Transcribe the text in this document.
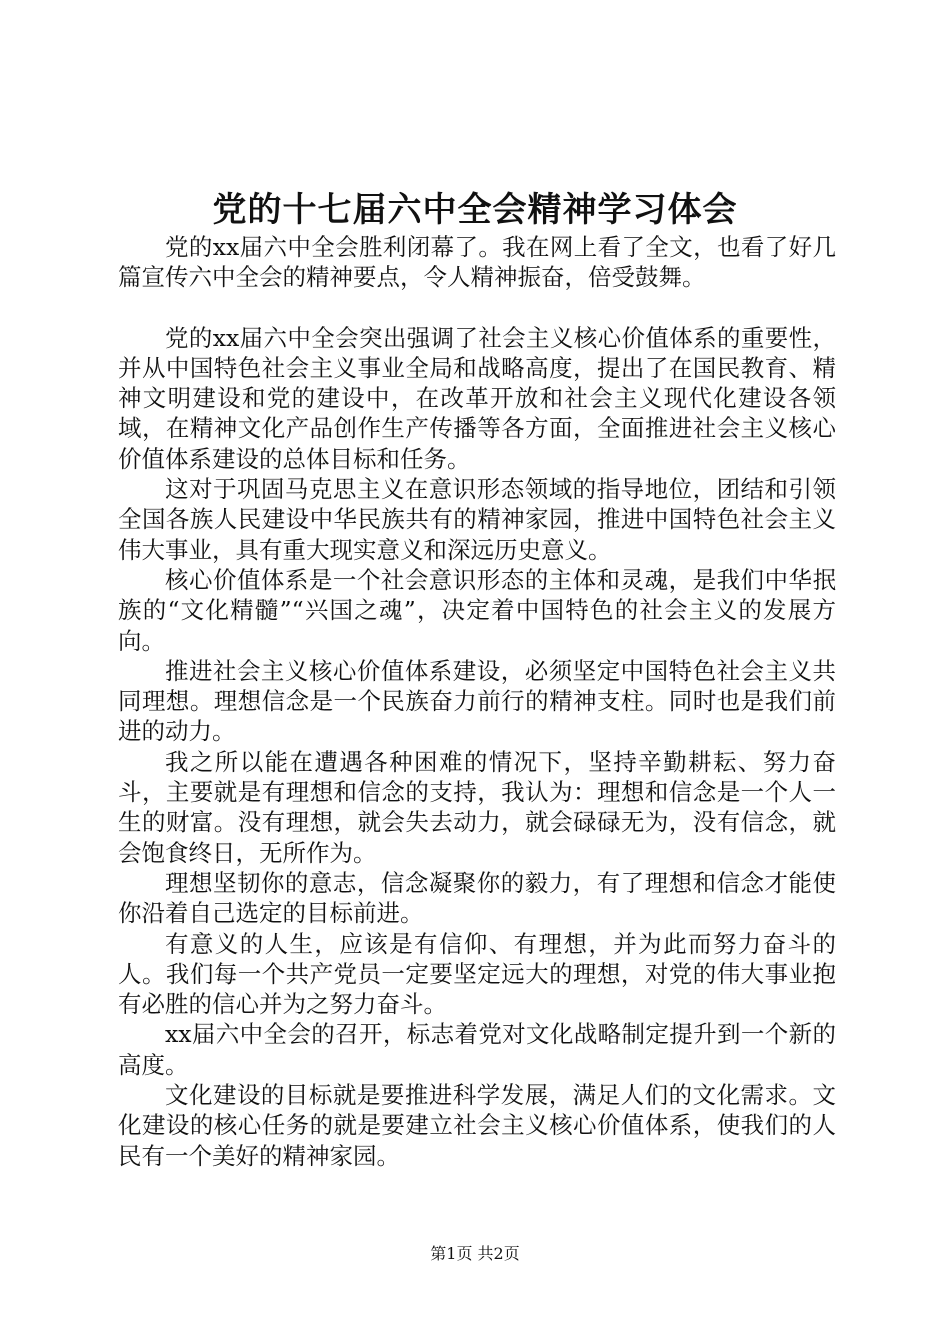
党的十七届六中全会精神学习体会

党的xx届六中全会胜利闭幕了。我在网上看了全文，也看了好几篇宣传六中全会的精神要点，令人精神振奋，倍受鼓舞。

党的xx届六中全会突出强调了社会主义核心价值体系的重要性，并从中国特色社会主义事业全局和战略高度，提出了在国民教育、精神文明建设和党的建设中，在改革开放和社会主义现代化建设各领域，在精神文化产品创作生产传播等各方面，全面推进社会主义核心价值体系建设的总体目标和任务。

这对于巩固马克思主义在意识形态领域的指导地位，团结和引领全国各族人民建设中华民族共有的精神家园，推进中国特色社会主义伟大事业，具有重大现实意义和深远历史意义。

核心价值体系是一个社会意识形态的主体和灵魂，是我们中华抿族的“文化精髓”“兴国之魂”，决定着中国特色的社会主义的发展方向。

推进社会主义核心价值体系建设，必须坚定中国特色社会主义共同理想。理想信念是一个民族奋力前行的精神支柱。同时也是我们前进的动力。

我之所以能在遭遇各种困难的情况下，坚持辛勤耕耘、努力奋斗，主要就是有理想和信念的支持，我认为：理想和信念是一个人一生的财富。没有理想，就会失去动力，就会碌碌无为，没有信念，就会饱食终日，无所作为。

理想坚韧你的意志，信念凝聚你的毅力，有了理想和信念才能使你沿着自己选定的目标前进。

有意义的人生，应该是有信仰、有理想，并为此而努力奋斗的人。我们每一个共产党员一定要坚定远大的理想，对党的伟大事业抱有必胜的信心并为之努力奋斗。

xx届六中全会的召开，标志着党对文化战略制定提升到一个新的高度。

文化建设的目标就是要推进科学发展，满足人们的文化需求。文化建设的核心任务的就是要建立社会主义核心价值体系，使我们的人民有一个美好的精神家园。

第1页 共2页
